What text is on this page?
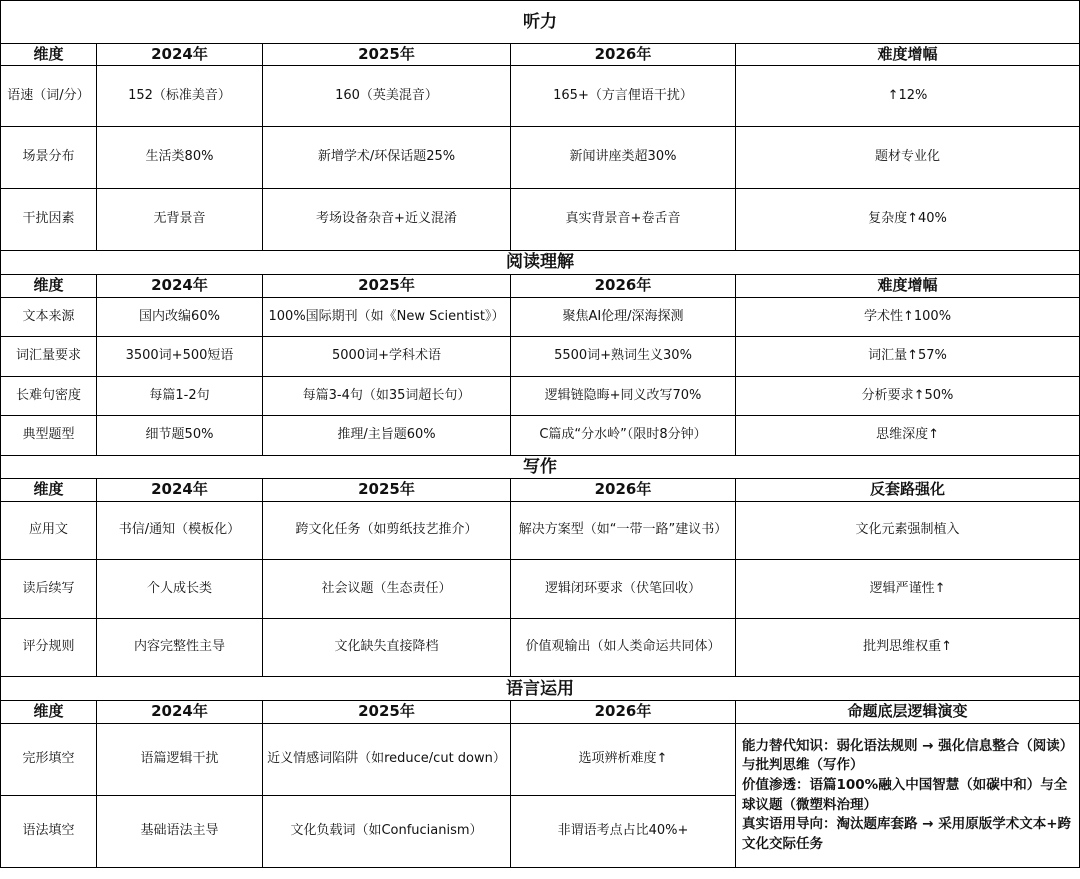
听力				
维度	2024年	2025年	2026年	难度增幅
语速（词/分）	152（标准美音）	160（英美混音）	165+（方言俚语干扰）	↑12%
场景分布	生活类80%	新增学术/环保话题25%	新闻讲座类超30%	题材专业化
干扰因素	无背景音	考场设备杂音+近义混淆	真实背景音+卷舌音	复杂度↑40%
阅读理解				
维度	2024年	2025年	2026年	难度增幅
文本来源	国内改编60%	100%国际期刊（如《New Scientist》）	聚焦AI伦理/深海探测	学术性↑100%
词汇量要求	3500词+500短语	5000词+学科术语	5500词+熟词生义30%	词汇量↑57%
长难句密度	每篇1-2句	每篇3-4句（如35词超长句）	逻辑链隐晦+同义改写70%	分析要求↑50%
典型题型	细节题50%	推理/主旨题60%	C篇成“分水岭”（限时8分钟）	思维深度↑
写作				
维度	2024年	2025年	2026年	反套路强化
应用文	书信/通知（模板化）	跨文化任务（如剪纸技艺推介）	解决方案型（如“一带一路”建议书）	文化元素强制植入
读后续写	个人成长类	社会议题（生态责任）	逻辑闭环要求（伏笔回收）	逻辑严谨性↑
评分规则	内容完整性主导	文化缺失直接降档	价值观输出（如人类命运共同体）	批判思维权重↑
语言运用				
维度	2024年	2025年	2026年	命题底层逻辑演变
完形填空	语篇逻辑干扰	近义情感词陷阱（如reduce/cut down）	选项辨析难度↑	能力替代知识：弱化语法规则 → 强化信息整合（阅读）与批判思维（写作）
价值渗透：语篇100%融入中国智慧（如碳中和）与全球议题（微塑料治理）
真实语用导向：淘汰题库套路 → 采用原版学术文本+跨文化交际任务

语法填空	基础语法主导	文化负载词（如Confucianism）	非谓语考点占比40%+	
